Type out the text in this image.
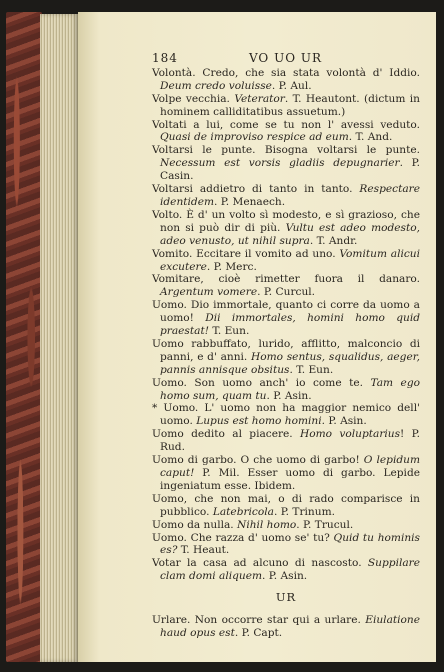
184	VO UO UR

Volontà. Credo, che sia stata volontà d' Iddio. Deum credo voluisse. P. Aul.

Volpe vecchia. Veterator. T. Heautont. (dictum in hominem calliditatibus assuetum.)

Voltati a lui, come se tu non l' avessi veduto. Quasi de improviso respice ad eum. T. And.

Voltarsi le punte. Bisogna voltarsi le punte. Necessum est vorsis gladiis depugnarier. P. Casin.

Voltarsi addietro di tanto in tanto. Respectare identidem. P. Menaech.

Volto. È d' un volto sì modesto, e sì grazioso, che non si può dir di più. Vultu est adeo modesto, adeo venusto, ut nihil supra. T. Andr.

Vomito. Eccitare il vomito ad uno. Vomitum alicui excutere. P. Merc.

Vomitare, cioè rimetter fuora il danaro. Argentum vomere. P. Curcul.

Uomo. Dio immortale, quanto ci corre da uomo a uomo! Dii immortales, homini homo quid praestat! T. Eun.

Uomo rabbuffato, lurido, afflitto, malconcio di panni, e d' anni. Homo sentus, squalidus, aeger, pannis annisque obsitus. T. Eun.

Uomo. Son uomo anch' io come te. Tam ego homo sum, quam tu. P. Asin.

* Uomo. L' uomo non ha maggior nemico dell' uomo. Lupus est homo homini. P. Asin.

Uomo dedito al piacere. Homo voluptarius! P. Rud.

Uomo di garbo. O che uomo di garbo! O lepidum caput! P. Mil. Esser uomo di garbo. Lepide ingeniatum esse. Ibidem.

Uomo, che non mai, o di rado comparisce in pubblico. Latebricola. P. Trinum.

Uomo da nulla. Nihil homo. P. Trucul.

Uomo. Che razza d' uomo se' tu? Quid tu hominis es? T. Heaut.

Votar la casa ad alcuno di nascosto. Suppilare clam domi aliquem. P. Asin.

UR

Urlare. Non occorre star qui a urlare. Eiulatione haud opus est. P. Capt.
